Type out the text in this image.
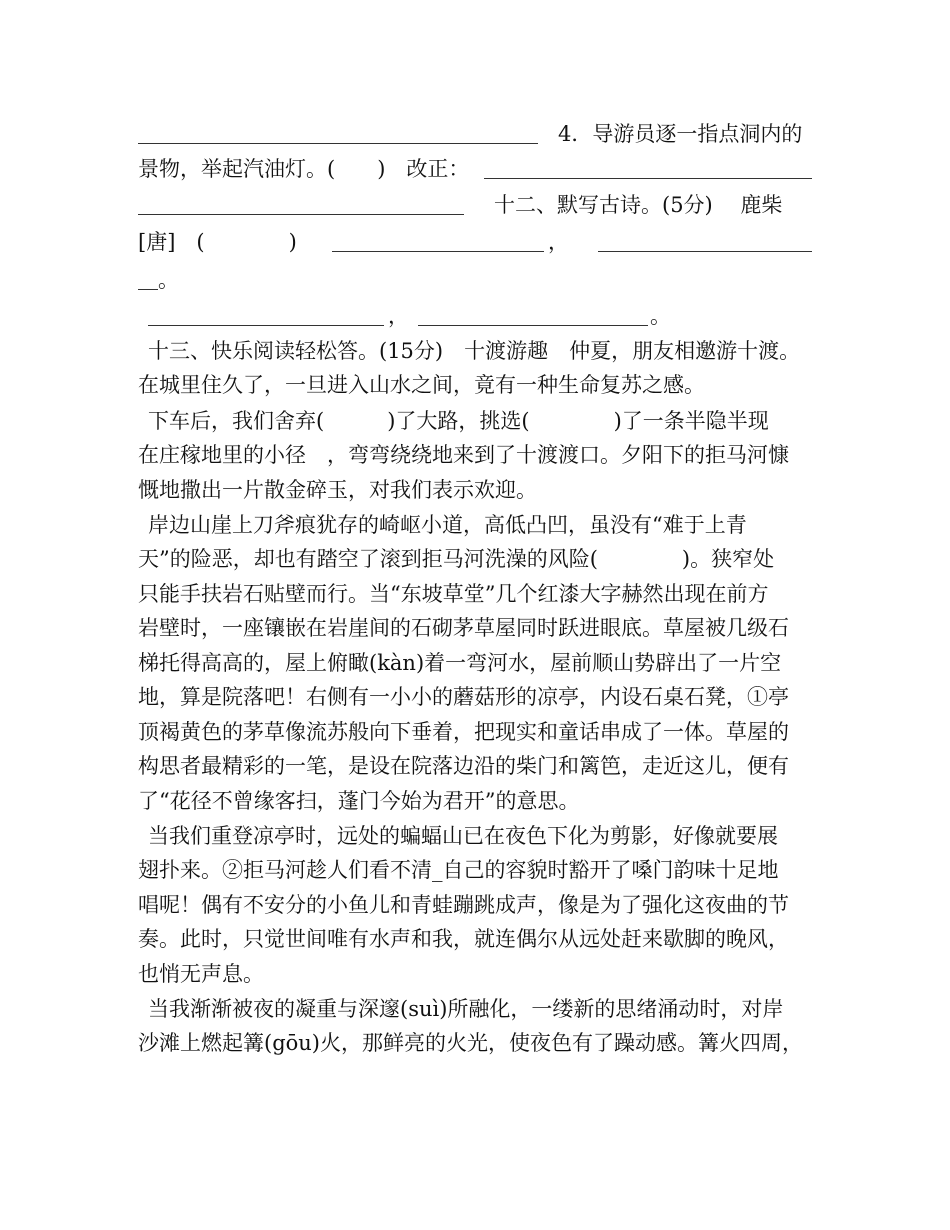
4．导游员逐一指点洞内的

景物，举起汽油灯。(　　)　改正：

十二、默写古诗。(5分)　 鹿柴

[唐]　(　　　　)

	，

。

，

	。

十三、快乐阅读轻松答。(15分)　十渡游趣　仲夏，朋友相邀游十渡。

在城里住久了，一旦进入山水之间，竟有一种生命复苏之感。

下车后，我们舍弃(　　　)了大路，挑选(　　　　)了一条半隐半现

在庄稼地里的小径　，弯弯绕绕地来到了十渡渡口。夕阳下的拒马河慷

慨地撒出一片散金碎玉，对我们表示欢迎。

岸边山崖上刀斧痕犹存的崎岖小道，高低凸凹，虽没有“难于上青

天”的险恶，却也有踏空了滚到拒马河洗澡的风险(　　　　)。狭窄处

只能手扶岩石贴壁而行。当“东坡草堂”几个红漆大字赫然出现在前方

岩壁时，一座镶嵌在岩崖间的石砌茅草屋同时跃进眼底。草屋被几级石

梯托得高高的，屋上俯瞰(kàn)着一弯河水，屋前顺山势辟出了一片空

地，算是院落吧！右侧有一小小的蘑菇形的凉亭，内设石桌石凳，①亭

顶褐黄色的茅草像流苏般向下垂着，把现实和童话串成了一体。草屋的

构思者最精彩的一笔，是设在院落边沿的柴门和篱笆，走近这儿，便有

了“花径不曾缘客扫，蓬门今始为君开”的意思。

当我们重登凉亭时，远处的蝙蝠山已在夜色下化为剪影，好像就要展

翅扑来。②拒马河趁人们看不清_自己的容貌时豁开了嗓门韵味十足地

唱呢！偶有不安分的小鱼儿和青蛙蹦跳成声，像是为了强化这夜曲的节

奏。此时，只觉世间唯有水声和我，就连偶尔从远处赶来歇脚的晚风，

也悄无声息。

当我渐渐被夜的凝重与深邃(suì)所融化，一缕新的思绪涌动时，对岸

沙滩上燃起篝(gōu)火，那鲜亮的火光，使夜色有了躁动感。篝火四周，
